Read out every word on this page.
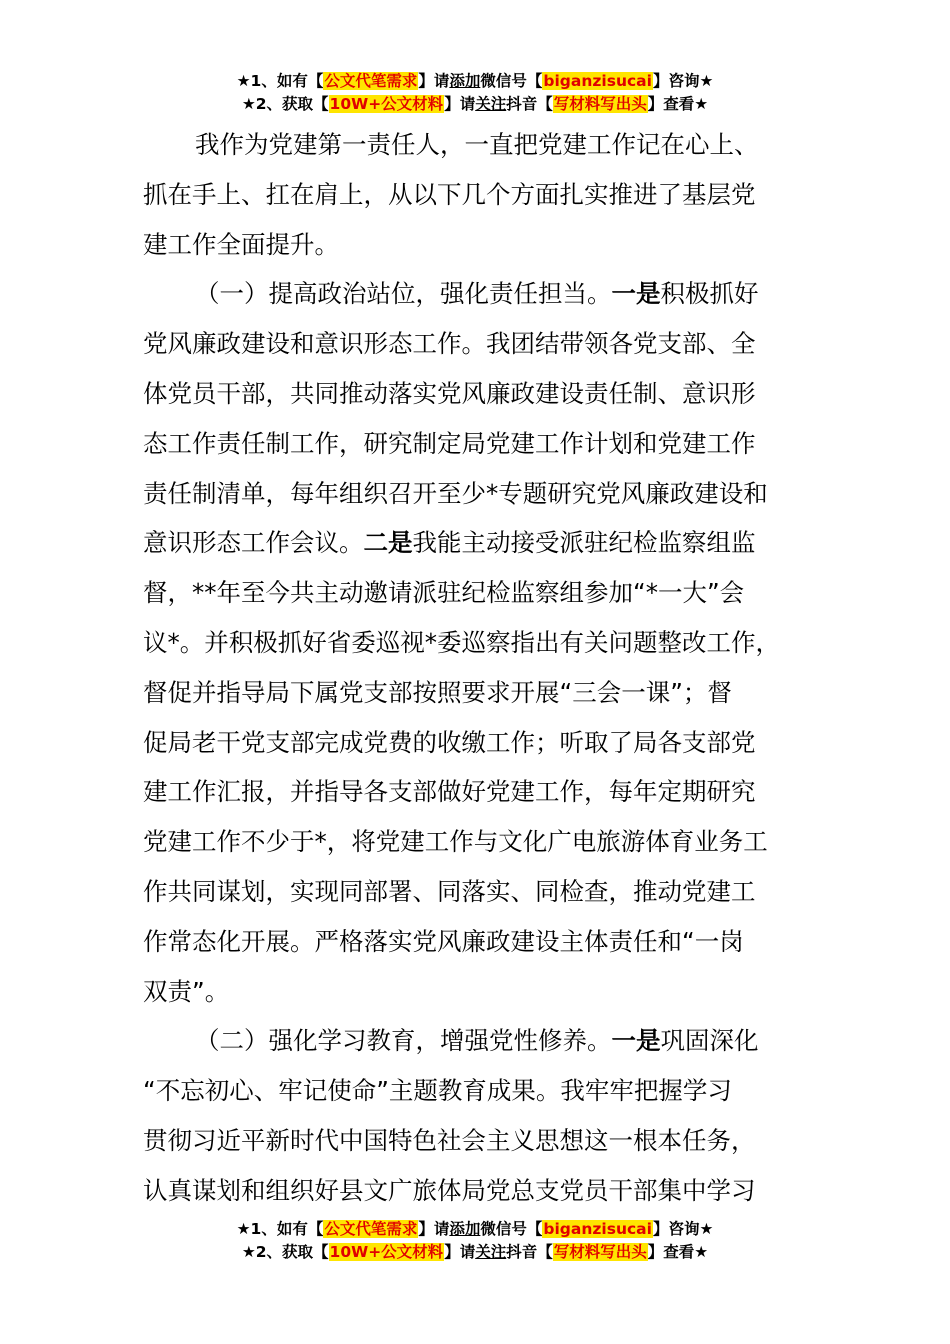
★1、如有【公文代笔需求】请添加微信号【biganzisucai】咨询★
★2、获取【10W+公文材料】请关注抖音【写材料写出头】查看★
我作为党建第一责任人，一直把党建工作记在心上、
抓在手上、扛在肩上，从以下几个方面扎实推进了基层党
建工作全面提升。
（一）提高政治站位，强化责任担当。一是积极抓好
党风廉政建设和意识形态工作。我团结带领各党支部、全
体党员干部，共同推动落实党风廉政建设责任制、意识形
态工作责任制工作，研究制定局党建工作计划和党建工作
责任制清单，每年组织召开至少*专题研究党风廉政建设和
意识形态工作会议。二是我能主动接受派驻纪检监察组监
督，**年至今共主动邀请派驻纪检监察组参加“*一大”会
议*。并积极抓好省委巡视*委巡察指出有关问题整改工作，
督促并指导局下属党支部按照要求开展“三会一课”；督
促局老干党支部完成党费的收缴工作；听取了局各支部党
建工作汇报，并指导各支部做好党建工作，每年定期研究
党建工作不少于*，将党建工作与文化广电旅游体育业务工
作共同谋划，实现同部署、同落实、同检查，推动党建工
作常态化开展。严格落实党风廉政建设主体责任和“一岗
双责”。
（二）强化学习教育，增强党性修养。一是巩固深化
“不忘初心、牢记使命”主题教育成果。我牢牢把握学习
贯彻习近平新时代中国特色社会主义思想这一根本任务，
认真谋划和组织好县文广旅体局党总支党员干部集中学习
★1、如有【公文代笔需求】请添加微信号【biganzisucai】咨询★
★2、获取【10W+公文材料】请关注抖音【写材料写出头】查看★
